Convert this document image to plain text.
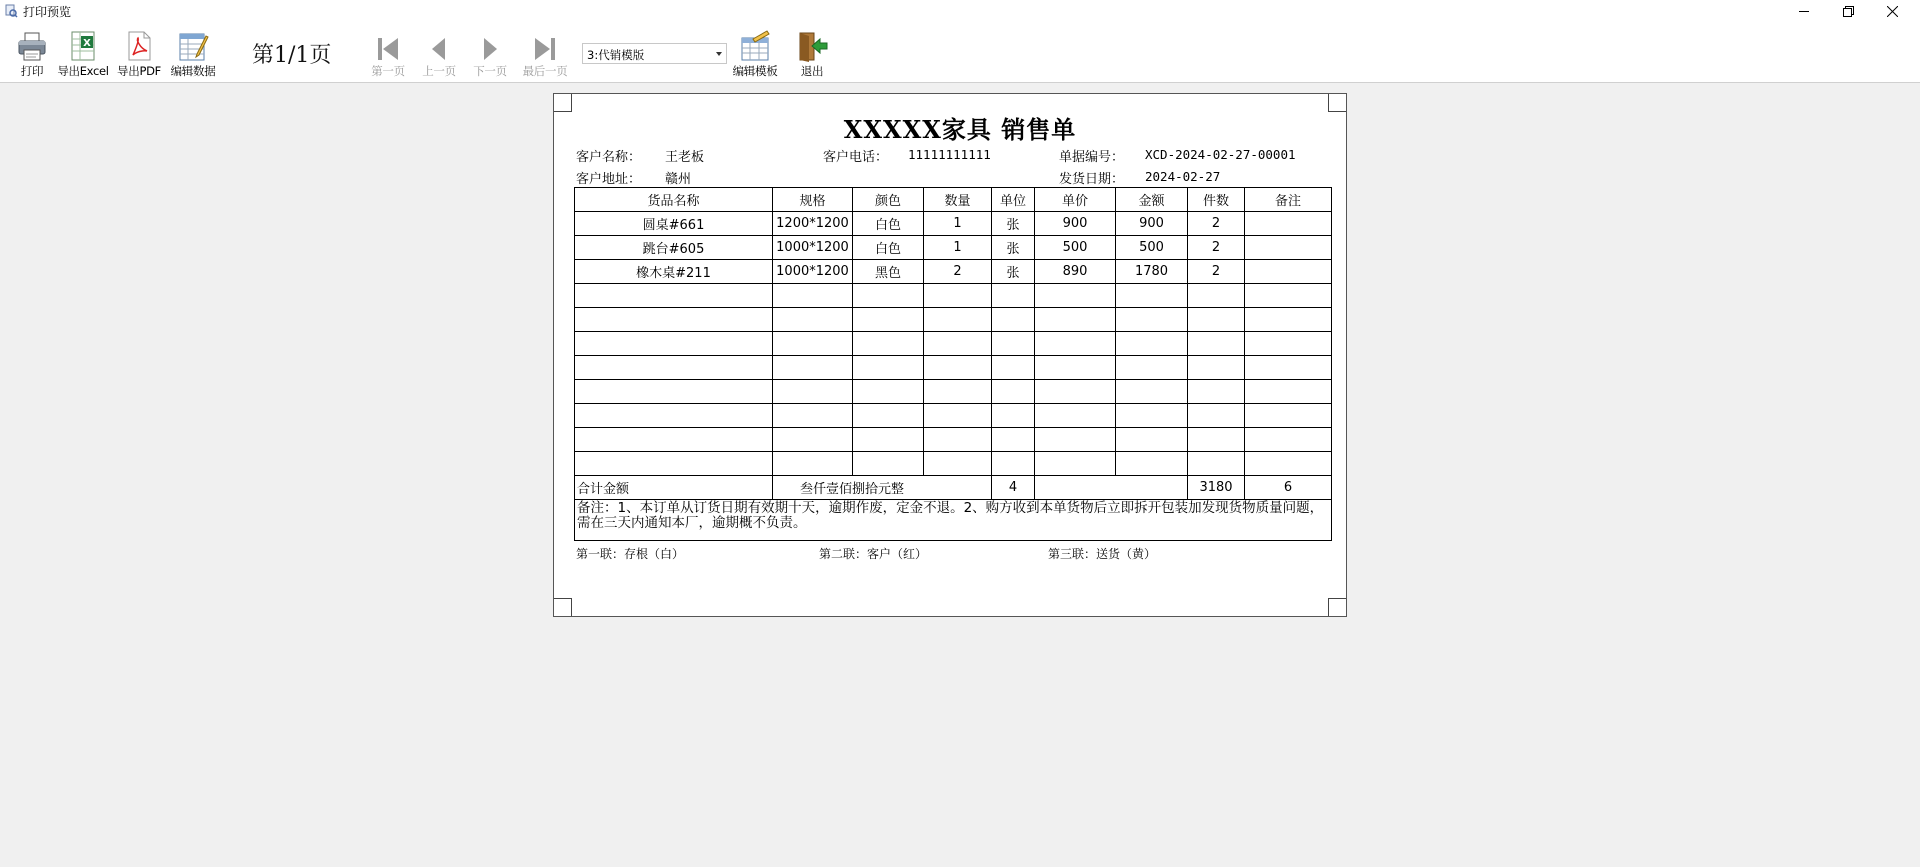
打印预览
打印
X
导出Excel 导出PDF 编辑数据
第1/1页
第一页 上一页 下一页 最后一页
3:代销模版
编辑模板 退出
XXXXX家具 销售单
客户名称： 王老板	客户电话： 11111111111	单据编号： XCD-2024-02-27-00001
客户地址： 赣州	发货日期： 2024-02-27
货品名称	规格	颜色	数量	单位	单价	金额	件数	备注	
圆桌#661	1200*1200	白色	1	张	900	900	2		
跳台#605	1000*1200	白色	1	张	500	500	2		
橡木桌#211	1000*1200	黑色	2	张	890	1780	2		

合计金额	叁仟壹佰捌拾元整			4			3180	6	
备注：1、本订单从订货日期有效期十天，逾期作废，定金不退。2、购方收到本单货物后立即拆开包装加发现货物质量问题，需在三天内通知本厂，逾期概不负责。									
第一联：存根（白）	第二联：客户（红）	第三联：送货（黄）
